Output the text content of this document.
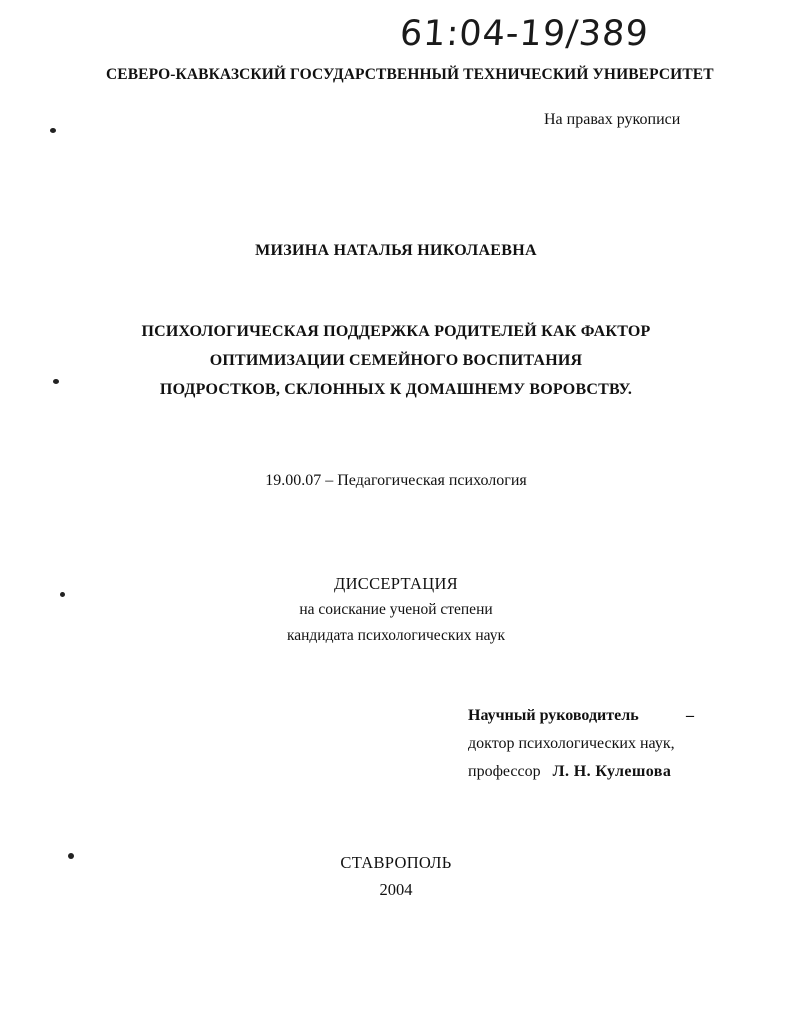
61:04-19/389
СЕВЕРО-КАВКАЗСКИЙ ГОСУДАРСТВЕННЫЙ ТЕХНИЧЕСКИЙ УНИВЕРСИТЕТ
На правах рукописи
МИЗИНА НАТАЛЬЯ НИКОЛАЕВНА
ПСИХОЛОГИЧЕСКАЯ ПОДДЕРЖКА РОДИТЕЛЕЙ КАК ФАКТОР
ОПТИМИЗАЦИИ СЕМЕЙНОГО ВОСПИТАНИЯ
ПОДРОСТКОВ, СКЛОННЫХ К ДОМАШНЕМУ ВОРОВСТВУ.
19.00.07 – Педагогическая психология
ДИССЕРТАЦИЯ
на соискание ученой степени
кандидата психологических наук
Научный руководитель	–
доктор психологических наук,
профессор Л. Н. Кулешова
СТАВРОПОЛЬ
2004
